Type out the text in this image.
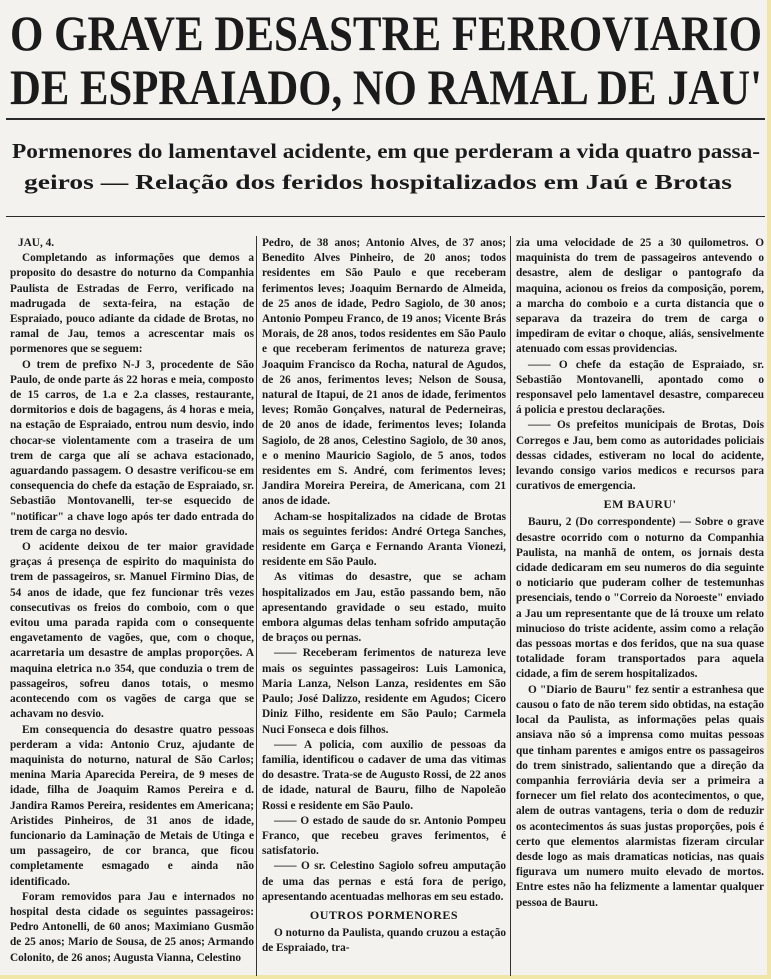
O GRAVE DESASTRE FERROVIARIO
DE ESPRAIADO, NO RAMAL DE JAU'
Pormenores do lamentavel acidente, em que perderam a vida quatro passa-
geiros — Relação dos feridos hospitalizados em Jaú e Brotas

JAU, 4.

Completando as informações que demos a proposito do desastre do noturno da Companhia Paulista de Estradas de Ferro, verificado na madrugada de sexta-feira, na estação de Espraiado, pouco adiante da cidade de Brotas, no ramal de Jau, temos a acrescentar mais os pormenores que se seguem:

O trem de prefixo N-J 3, procedente de São Paulo, de onde parte ás 22 horas e meia, composto de 15 carros, de 1.a e 2.a classes, restaurante, dormitorios e dois de bagagens, ás 4 horas e meia, na estação de Espraiado, entrou num desvio, indo chocar-se violentamente com a traseira de um trem de carga que alí se achava estacionado, aguardando passagem. O desastre verificou-se em consequencia do chefe da estação de Espraiado, sr. Sebastião Montovanelli, ter-se esquecido de "notificar" a chave logo após ter dado entrada do trem de carga no desvio.

O acidente deixou de ter maior gravidade graças á presença de espirito do maquinista do trem de passageiros, sr. Manuel Firmino Dias, de 54 anos de idade, que fez funcionar três vezes consecutivas os freios do comboio, com o que evitou uma parada rapida com o consequente engavetamento de vagões, que, com o choque, acarretaria um desastre de amplas proporções. A maquina eletrica n.o 354, que conduzia o trem de passageiros, sofreu danos totais, o mesmo acontecendo com os vagões de carga que se achavam no desvio.

Em consequencia do desastre quatro pessoas perderam a vida: Antonio Cruz, ajudante de maquinista do noturno, natural de São Carlos; menina Maria Aparecida Pereira, de 9 meses de idade, filha de Joaquim Ramos Pereira e d. Jandira Ramos Pereira, residentes em Americana; Aristides Pinheiros, de 31 anos de idade, funcionario da Laminação de Metais de Utinga e um passageiro, de cor branca, que ficou completamente esmagado e ainda não identificado.

Foram removidos para Jau e internados no hospital desta cidade os seguintes passageiros: Pedro Antonelli, de 60 anos; Maximiano Gusmão de 25 anos; Mario de Sousa, de 25 anos; Armando Colonito, de 26 anos; Augusta Vianna, Celestino

Pedro, de 38 anos; Antonio Alves, de 37 anos; Benedito Alves Pinheiro, de 20 anos; todos residentes em São Paulo e que receberam ferimentos leves; Joaquim Bernardo de Almeida, de 25 anos de idade, Pedro Sagiolo, de 30 anos; Antonio Pompeu Franco, de 19 anos; Vicente Brás Morais, de 28 anos, todos residentes em São Paulo e que receberam ferimentos de natureza grave; Joaquim Francisco da Rocha, natural de Agudos, de 26 anos, ferimentos leves; Nelson de Sousa, natural de Itapui, de 21 anos de idade, ferimentos leves; Romão Gonçalves, natural de Pederneiras, de 20 anos de idade, ferimentos leves; Iolanda Sagiolo, de 28 anos, Celestino Sagiolo, de 30 anos, e o menino Mauricio Sagiolo, de 5 anos, todos residentes em S. André, com ferimentos leves; Jandira Moreira Pereira, de Americana, com 21 anos de idade.

Acham-se hospitalizados na cidade de Brotas mais os seguintes feridos: André Ortega Sanches, residente em Garça e Fernando Aranta Vionezi, residente em São Paulo.

As vitimas do desastre, que se acham hospitalizados em Jau, estão passando bem, não apresentando gravidade o seu estado, muito embora algumas delas tenham sofrido amputação de braços ou pernas.

—— Receberam ferimentos de natureza leve mais os seguintes passageiros: Luis Lamonica, Maria Lanza, Nelson Lanza, residentes em São Paulo; José Dalizzo, residente em Agudos; Cicero Diniz Filho, residente em São Paulo; Carmela Nuci Fonseca e dois filhos.

—— A policia, com auxilio de pessoas da familia, identificou o cadaver de uma das vitimas do desastre. Trata-se de Augusto Rossi, de 22 anos de idade, natural de Bauru, filho de Napoleão Rossi e residente em São Paulo.

—— O estado de saude do sr. Antonio Pompeu Franco, que recebeu graves ferimentos, é satisfatorio.

—— O sr. Celestino Sagiolo sofreu amputação de uma das pernas e está fora de perigo, apresentando acentuadas melhoras em seu estado.

OUTROS PORMENORES

O noturno da Paulista, quando cruzou a estação de Espraiado, tra-

zia uma velocidade de 25 a 30 quilometros. O maquinista do trem de passageiros antevendo o desastre, alem de desligar o pantografo da maquina, acionou os freios da composição, porem, a marcha do comboio e a curta distancia que o separava da trazeira do trem de carga o impediram de evitar o choque, aliás, sensivelmente atenuado com essas providencias.

—— O chefe da estação de Espraiado, sr. Sebastião Montovanelli, apontado como o responsavel pelo lamentavel desastre, compareceu á policia e prestou declarações.

—— Os prefeitos municipais de Brotas, Dois Corregos e Jau, bem como as autoridades policiais dessas cidades, estiveram no local do acidente, levando consigo varios medicos e recursos para curativos de emergencia.

EM BAURU'

Bauru, 2 (Do correspondente) — Sobre o grave desastre ocorrido com o noturno da Companhia Paulista, na manhã de ontem, os jornais desta cidade dedicaram em seu numeros do dia seguinte o noticiario que puderam colher de testemunhas presenciais, tendo o "Correio da Noroeste" enviado a Jau um representante que de lá trouxe um relato minucioso do triste acidente, assim como a relação das pessoas mortas e dos feridos, que na sua quase totalidade foram transportados para aquela cidade, a fim de serem hospitalizados.

O "Diario de Bauru" fez sentir a estranhesa que causou o fato de não terem sido obtidas, na estação local da Paulista, as informações pelas quais ansiava não só a imprensa como muitas pessoas que tinham parentes e amigos entre os passageiros do trem sinistrado, salientando que a direção da companhia ferroviária devia ser a primeira a fornecer um fiel relato dos acontecimentos, o que, alem de outras vantagens, teria o dom de reduzir os acontecimentos ás suas justas proporções, pois é certo que elementos alarmistas fizeram circular desde logo as mais dramaticas noticias, nas quais figurava um numero muito elevado de mortos. Entre estes não ha felizmente a lamentar qualquer pessoa de Bauru.
